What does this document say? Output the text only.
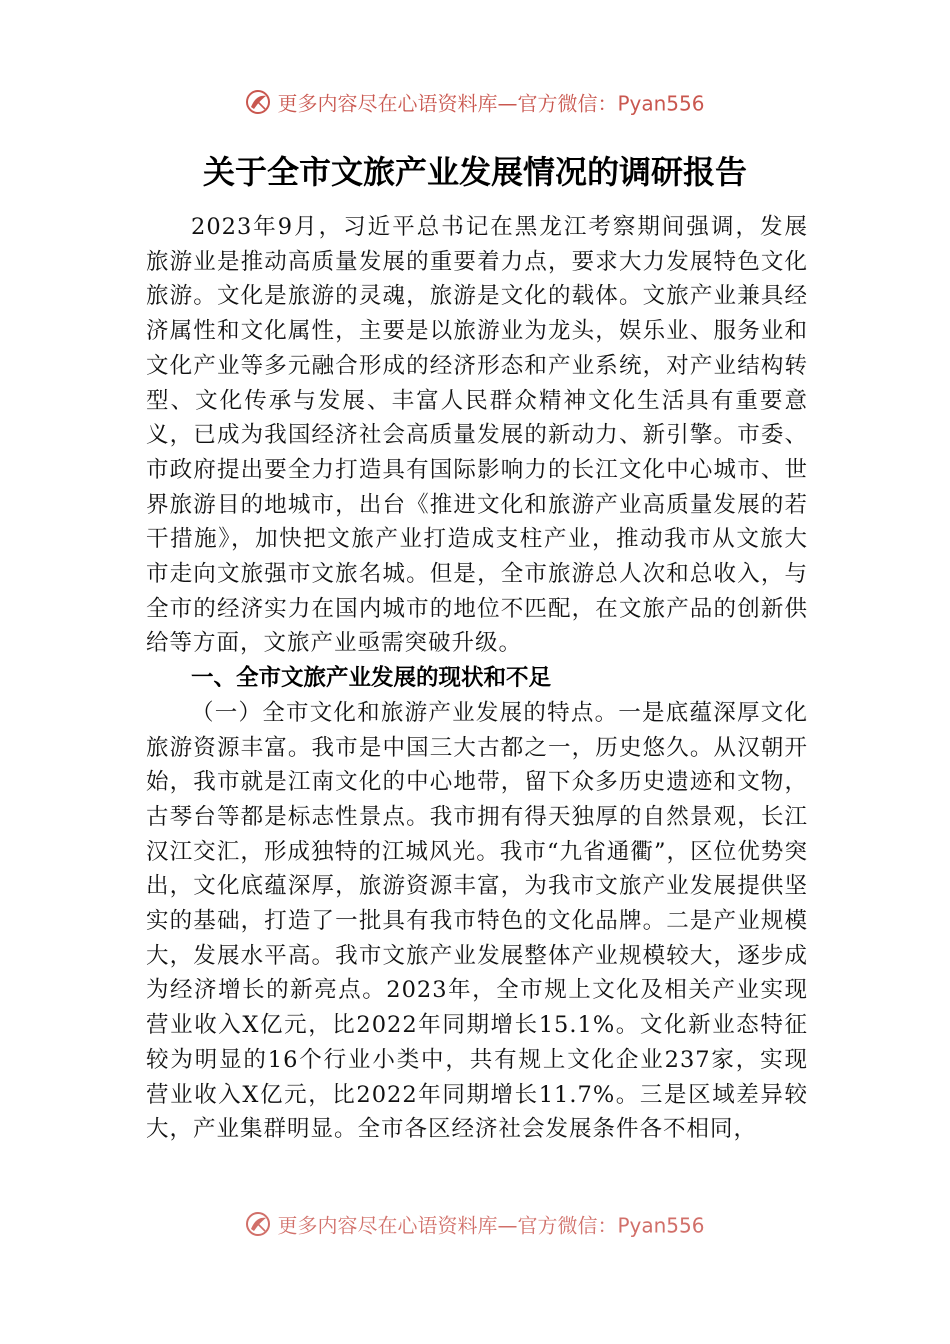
更多内容尽在心语资料库—官方微信：Pyan556
关于全市文旅产业发展情况的调研报告

2023年9月，习近平总书记在黑龙江考察期间强调，发展旅游业是推动高质量发展的重要着力点，要求大力发展特色文化旅游。文化是旅游的灵魂，旅游是文化的载体。文旅产业兼具经济属性和文化属性，主要是以旅游业为龙头，娱乐业、服务业和文化产业等多元融合形成的经济形态和产业系统，对产业结构转型、文化传承与发展、丰富人民群众精神文化生活具有重要意义，已成为我国经济社会高质量发展的新动力、新引擎。市委、市政府提出要全力打造具有国际影响力的长江文化中心城市、世界旅游目的地城市，出台《推进文化和旅游产业高质量发展的若干措施》，加快把文旅产业打造成支柱产业，推动我市从文旅大市走向文旅强市文旅名城。但是，全市旅游总人次和总收入，与全市的经济实力在国内城市的地位不匹配，在文旅产品的创新供给等方面，文旅产业亟需突破升级。

一、全市文旅产业发展的现状和不足

（一）全市文化和旅游产业发展的特点。一是底蕴深厚文化旅游资源丰富。我市是中国三大古都之一，历史悠久。从汉朝开始，我市就是江南文化的中心地带，留下众多历史遗迹和文物，古琴台等都是标志性景点。我市拥有得天独厚的自然景观，长江汉江交汇，形成独特的江城风光。我市“九省通衢”，区位优势突出，文化底蕴深厚，旅游资源丰富，为我市文旅产业发展提供坚实的基础，打造了一批具有我市特色的文化品牌。二是产业规模大，发展水平高。我市文旅产业发展整体产业规模较大，逐步成为经济增长的新亮点。2023年，全市规上文化及相关产业实现营业收入X亿元，比2022年同期增长15.1%。文化新业态特征较为明显的16个行业小类中，共有规上文化企业237家，实现营业收入X亿元，比2022年同期增长11.7%。三是区域差异较大，产业集群明显。全市各区经济社会发展条件各不相同，

更多内容尽在心语资料库—官方微信：Pyan556
